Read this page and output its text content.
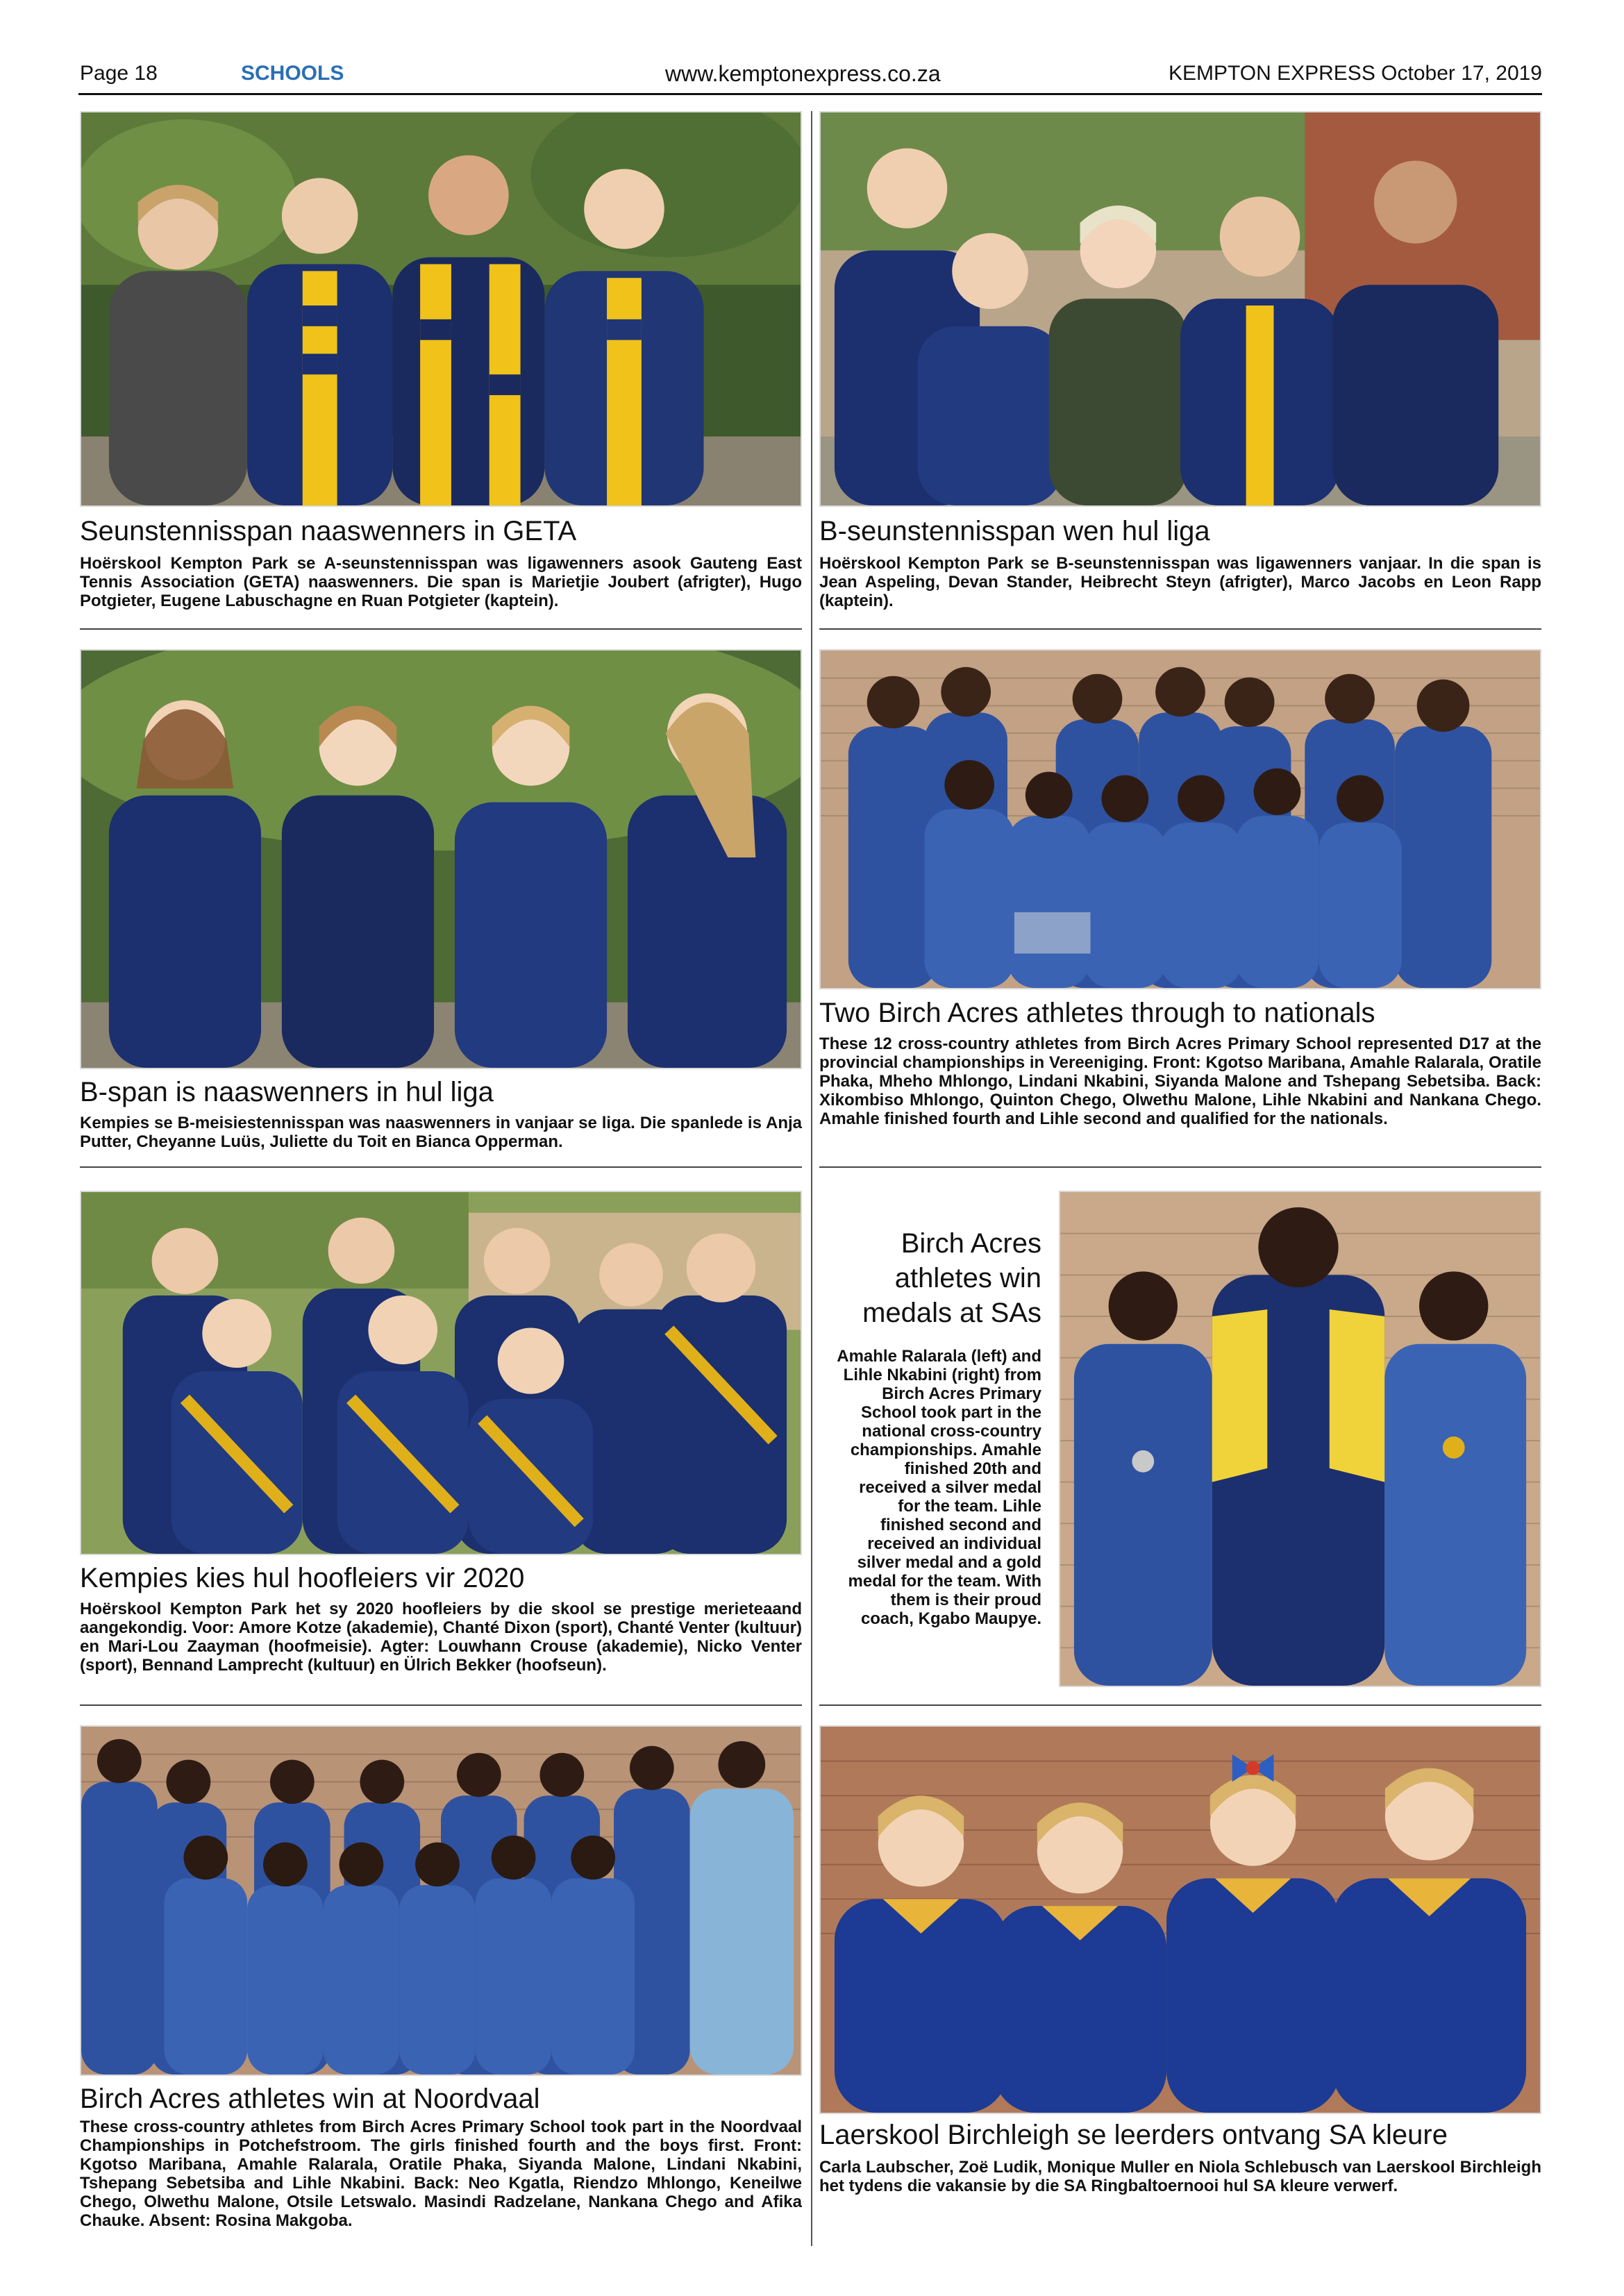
Page 18	SCHOOLS	www.kemptonexpress.co.za	KEMPTON EXPRESS October 17, 2019
Seunstennisspan naaswenners in GETA
Hoërskool Kempton Park se A-seunstennisspan was ligawenners asook Gauteng East Tennis Association (GETA) naaswenners. Die span is Marietjie Joubert (afrigter), Hugo Potgieter, Eugene Labuschagne en Ruan Potgieter (kaptein).
B-seunstennisspan wen hul liga
Hoërskool Kempton Park se B-seunstennisspan was ligawenners vanjaar. In die span is Jean Aspeling, Devan Stander, Heibrecht Steyn (afrigter), Marco Jacobs en Leon Rapp (kaptein).
B-span is naaswenners in hul liga
Kempies se B-meisiestennisspan was naaswenners in vanjaar se liga. Die spanlede is Anja Putter, Cheyanne Luüs, Juliette du Toit en Bianca Opperman.
Two Birch Acres athletes through to nationals
These 12 cross-country athletes from Birch Acres Primary School represented D17 at the provincial championships in Vereeniging. Front: Kgotso Maribana, Amahle Ralarala, Oratile Phaka, Mheho Mhlongo, Lindani Nkabini, Siyanda Malone and Tshepang Sebetsiba. Back: Xikombiso Mhlongo, Quinton Chego, Olwethu Malone, Lihle Nkabini and Nankana Chego. Amahle finished fourth and Lihle second and qualified for the nationals.
Kempies kies hul hoofleiers vir 2020
Hoërskool Kempton Park het sy 2020 hoofleiers by die skool se prestige merieteaand aangekondig. Voor: Amore Kotze (akademie), Chanté Dixon (sport), Chanté Venter (kultuur) en Mari-Lou Zaayman (hoofmeisie). Agter: Louwhann Crouse (akademie), Nicko Venter (sport), Bennand Lamprecht (kultuur) en Ülrich Bekker (hoofseun).
Birch Acres athletes win medals at SAs
Amahle Ralarala (left) and Lihle Nkabini (right) from Birch Acres Primary School took part in the national cross-country championships. Amahle finished 20th and received a silver medal for the team. Lihle finished second and received an individual silver medal and a gold medal for the team. With them is their proud coach, Kgabo Maupye.
Birch Acres athletes win at Noordvaal
These cross-country athletes from Birch Acres Primary School took part in the Noordvaal Championships in Potchefstroom. The girls finished fourth and the boys first. Front: Kgotso Maribana, Amahle Ralarala, Oratile Phaka, Siyanda Malone, Lindani Nkabini, Tshepang Sebetsiba and Lihle Nkabini. Back: Neo Kgatla, Riendzo Mhlongo, Keneilwe Chego, Olwethu Malone, Otsile Letswalo. Masindi Radzelane, Nankana Chego and Afika Chauke. Absent: Rosina Makgoba.
Laerskool Birchleigh se leerders ontvang SA kleure
Carla Laubscher, Zoë Ludik, Monique Muller en Niola Schlebusch van Laerskool Birchleigh het tydens die vakansie by die SA Ringbaltoernooi hul SA kleure verwerf.
